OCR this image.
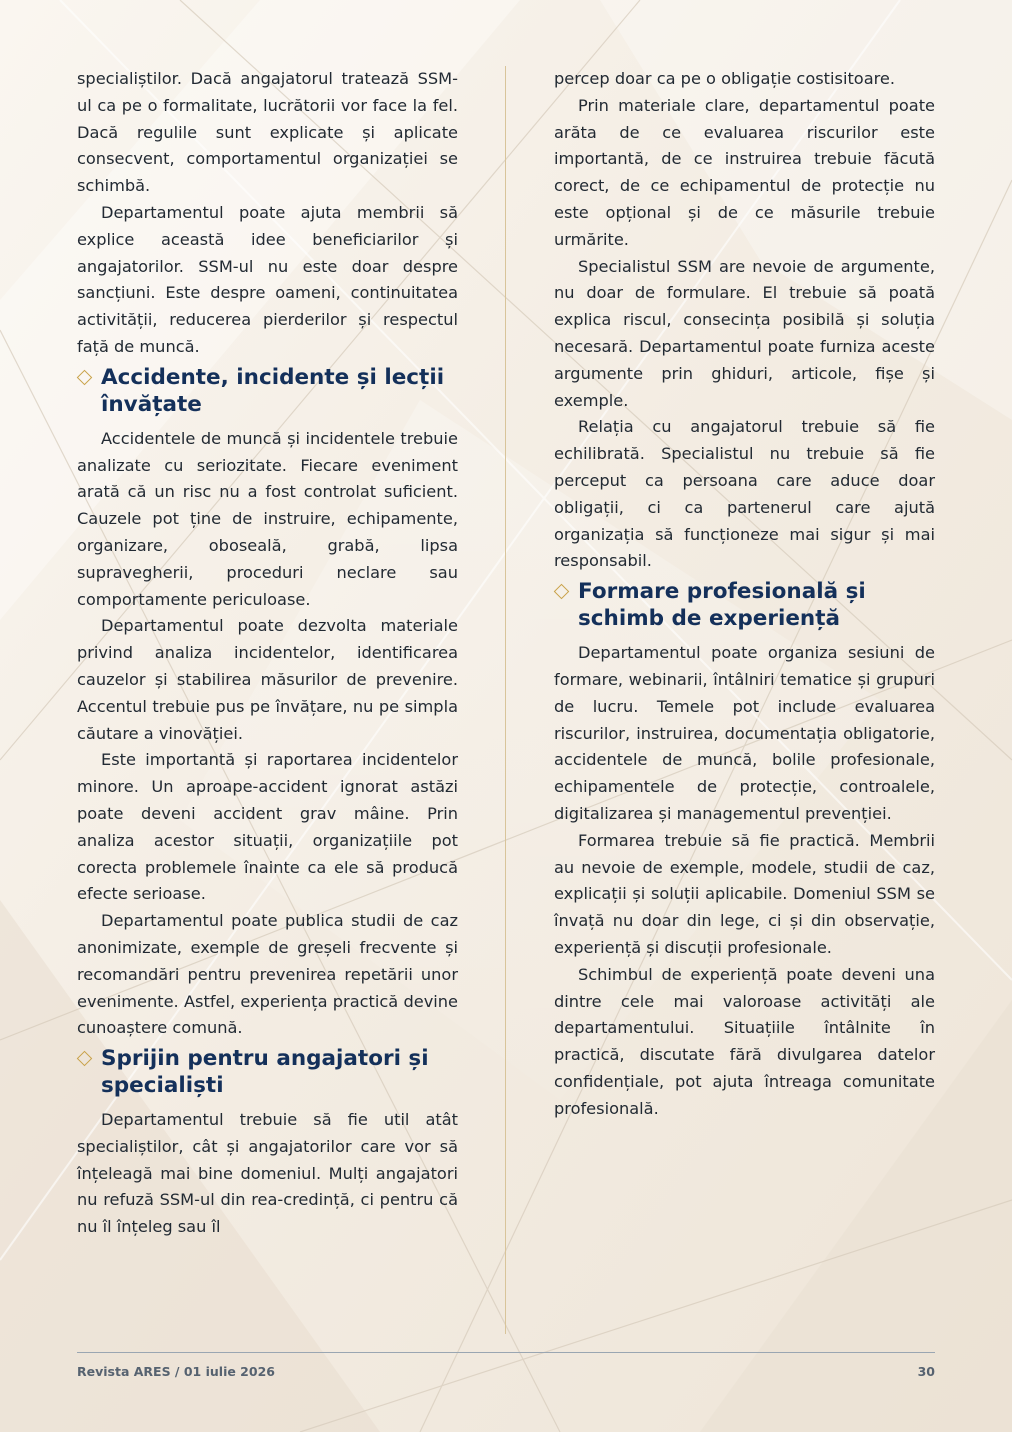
specialiștilor. Dacă angajatorul tratează SSM-ul ca pe o formalitate, lucrătorii vor face la fel. Dacă regulile sunt explicate și aplicate consecvent, comportamentul organizației se schimbă.

Departamentul poate ajuta membrii să explice această idee beneficiarilor și angajatorilor. SSM-ul nu este doar despre sancțiuni. Este despre oameni, continuitatea activității, reducerea pierderilor și respectul față de muncă.

Accidente, incidente și lecții învățate

Accidentele de muncă și incidentele trebuie analizate cu seriozitate. Fiecare eveniment arată că un risc nu a fost controlat suficient. Cauzele pot ține de instruire, echipamente, organizare, oboseală, grabă, lipsa supravegherii, proceduri neclare sau comportamente periculoase.

Departamentul poate dezvolta materiale privind analiza incidentelor, identificarea cauzelor și stabilirea măsurilor de prevenire. Accentul trebuie pus pe învățare, nu pe simpla căutare a vinovăției.

Este importantă și raportarea incidentelor minore. Un aproape-accident ignorat astăzi poate deveni accident grav mâine. Prin analiza acestor situații, organizațiile pot corecta problemele înainte ca ele să producă efecte serioase.

Departamentul poate publica studii de caz anonimizate, exemple de greșeli frecvente și recomandări pentru prevenirea repetării unor evenimente. Astfel, experiența practică devine cunoaștere comună.

Sprijin pentru angajatori și specialiști

Departamentul trebuie să fie util atât specialiștilor, cât și angajatorilor care vor să înțeleagă mai bine domeniul. Mulți angajatori nu refuză SSM-ul din rea-credință, ci pentru că nu îl înțeleg sau îl

percep doar ca pe o obligație costisitoare.

Prin materiale clare, departamentul poate arăta de ce evaluarea riscurilor este importantă, de ce instruirea trebuie făcută corect, de ce echipamentul de protecție nu este opțional și de ce măsurile trebuie urmărite.

Specialistul SSM are nevoie de argumente, nu doar de formulare. El trebuie să poată explica riscul, consecința posibilă și soluția necesară. Departamentul poate furniza aceste argumente prin ghiduri, articole, fișe și exemple.

Relația cu angajatorul trebuie să fie echilibrată. Specialistul nu trebuie să fie perceput ca persoana care aduce doar obligații, ci ca partenerul care ajută organizația să funcționeze mai sigur și mai responsabil.

Formare profesională și schimb de experiență

Departamentul poate organiza sesiuni de formare, webinarii, întâlniri tematice și grupuri de lucru. Temele pot include evaluarea riscurilor, instruirea, documentația obligatorie, accidentele de muncă, bolile profesionale, echipamentele de protecție, controalele, digitalizarea și managementul prevenției.

Formarea trebuie să fie practică. Membrii au nevoie de exemple, modele, studii de caz, explicații și soluții aplicabile. Domeniul SSM se învață nu doar din lege, ci și din observație, experiență și discuții profesionale.

Schimbul de experiență poate deveni una dintre cele mai valoroase activități ale departamentului. Situațiile întâlnite în practică, discutate fără divulgarea datelor confidențiale, pot ajuta întreaga comunitate profesională.

Revista ARES / 01 iulie 2026	30
